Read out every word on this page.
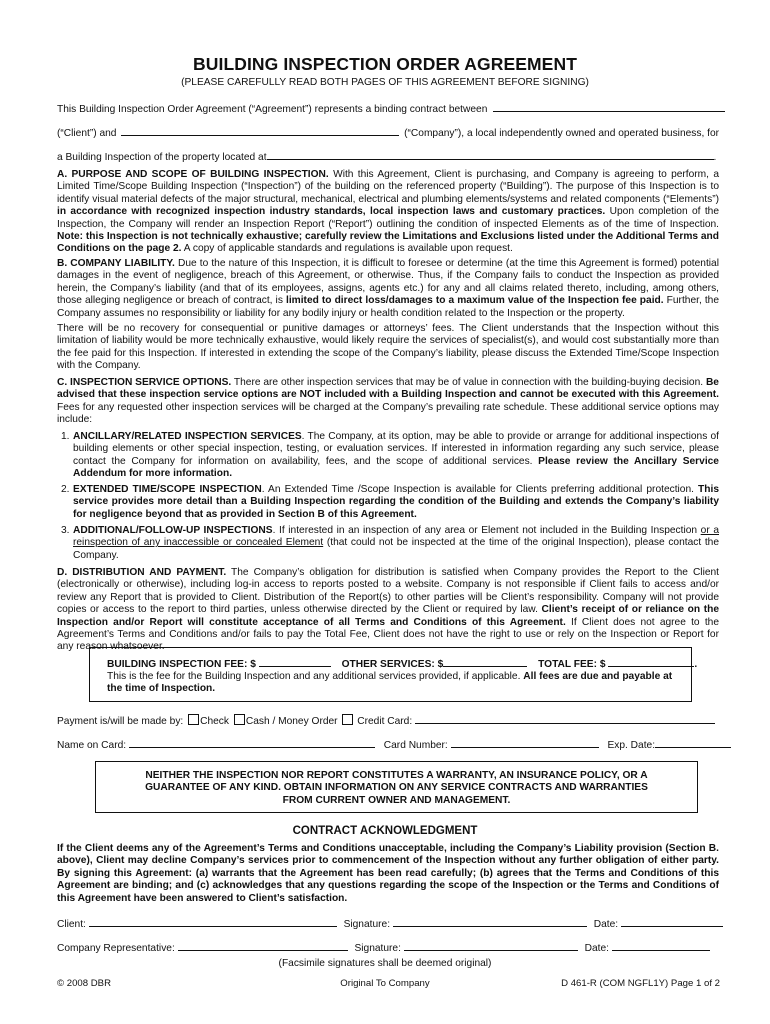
BUILDING INSPECTION ORDER AGREEMENT
(PLEASE CAREFULLY READ BOTH PAGES OF THIS AGREEMENT BEFORE SIGNING)
This Building Inspection Order Agreement (“Agreement”) represents a binding contract between
(“Client”) and	(“Company”), a local independently owned and operated business, for
a Building Inspection of the property located at	.
A. PURPOSE AND SCOPE OF BUILDING INSPECTION. With this Agreement, Client is purchasing, and Company is agreeing to perform, a Limited Time/Scope Building Inspection (“Inspection”) of the building on the referenced property (“Building”). The purpose of this Inspection is to identify visual material defects of the major structural, mechanical, electrical and plumbing elements/systems and related components (“Elements”) in accordance with recognized inspection industry standards, local inspection laws and customary practices. Upon completion of the Inspection, the Company will render an Inspection Report (“Report”) outlining the condition of inspected Elements as of the time of Inspection. Note: this Inspection is not technically exhaustive; carefully review the Limitations and Exclusions listed under the Additional Terms and Conditions on the page 2. A copy of applicable standards and regulations is available upon request.
B. COMPANY LIABILITY. Due to the nature of this Inspection, it is difficult to foresee or determine (at the time this Agreement is formed) potential damages in the event of negligence, breach of this Agreement, or otherwise. Thus, if the Company fails to conduct the Inspection as provided herein, the Company’s liability (and that of its employees, assigns, agents etc.) for any and all claims related thereto, including, among others, those alleging negligence or breach of contract, is limited to direct loss/damages to a maximum value of the Inspection fee paid. Further, the Company assumes no responsibility or liability for any bodily injury or health condition related to the Inspection or the property.
There will be no recovery for consequential or punitive damages or attorneys’ fees. The Client understands that the Inspection without this limitation of liability would be more technically exhaustive, would likely require the services of specialist(s), and would cost substantially more than the fee paid for this Inspection. If interested in extending the scope of the Company’s liability, please discuss the Extended Time/Scope Inspection with the Company.
C. INSPECTION SERVICE OPTIONS. There are other inspection services that may be of value in connection with the building-buying decision. Be advised that these inspection service options are NOT included with a Building Inspection and cannot be executed with this Agreement. Fees for any requested other inspection services will be charged at the Company’s prevailing rate schedule. These additional service options may include:
1. ANCILLARY/RELATED INSPECTION SERVICES. The Company, at its option, may be able to provide or arrange for additional inspections of building elements or other special inspection, testing, or evaluation services. If interested in information regarding any such service, please contact the Company for information on availability, fees, and the scope of additional services. Please review the Ancillary Service Addendum for more information.
2. EXTENDED TIME/SCOPE INSPECTION. An Extended Time /Scope Inspection is available for Clients preferring additional protection. This service provides more detail than a Building Inspection regarding the condition of the Building and extends the Company’s liability for negligence beyond that as provided in Section B of this Agreement.
3. ADDITIONAL/FOLLOW-UP INSPECTIONS. If interested in an inspection of any area or Element not included in the Building Inspection or a reinspection of any inaccessible or concealed Element (that could not be inspected at the time of the original Inspection), please contact the Company.
D. DISTRIBUTION AND PAYMENT. The Company’s obligation for distribution is satisfied when Company provides the Report to the Client (electronically or otherwise), including log-in access to reports posted to a website. Company is not responsible if Client fails to access and/or review any Report that is provided to Client. Distribution of the Report(s) to other parties will be Client’s responsibility. Company will not provide copies or access to the report to third parties, unless otherwise directed by the Client or required by law. Client’s receipt of or reliance on the Inspection and/or Report will constitute acceptance of all Terms and Conditions of this Agreement. If Client does not agree to the Agreement’s Terms and Conditions and/or fails to pay the Total Fee, Client does not have the right to use or rely on the Inspection or Report for any reason whatsoever.
BUILDING INSPECTION FEE: $	OTHER SERVICES: $	TOTAL FEE: $	.
This is the fee for the Building Inspection and any additional services provided, if applicable. All fees are due and payable at the time of Inspection.
Payment is/will be made by: Check Cash / Money Order Credit Card:
Name on Card:	Card Number:	Exp. Date:
NEITHER THE INSPECTION NOR REPORT CONSTITUTES A WARRANTY, AN INSURANCE POLICY, OR A
GUARANTEE OF ANY KIND. OBTAIN INFORMATION ON ANY SERVICE CONTRACTS AND WARRANTIES
FROM CURRENT OWNER AND MANAGEMENT.
CONTRACT ACKNOWLEDGMENT
If the Client deems any of the Agreement’s Terms and Conditions unacceptable, including the Company’s Liability provision (Section B. above), Client may decline Company’s services prior to commencement of the Inspection without any further obligation of either party. By signing this Agreement: (a) warrants that the Agreement has been read carefully; (b) agrees that the Terms and Conditions of this Agreement are binding; and (c) acknowledges that any questions regarding the scope of the Inspection or the Terms and Conditions of this Agreement have been answered to Client’s satisfaction.
Client:	Signature:	Date:
Company Representative:	Signature:	Date:
(Facsimile signatures shall be deemed original)
© 2008 DBR	Original To Company	D 461-R (COM NGFL1Y) Page 1 of 2
